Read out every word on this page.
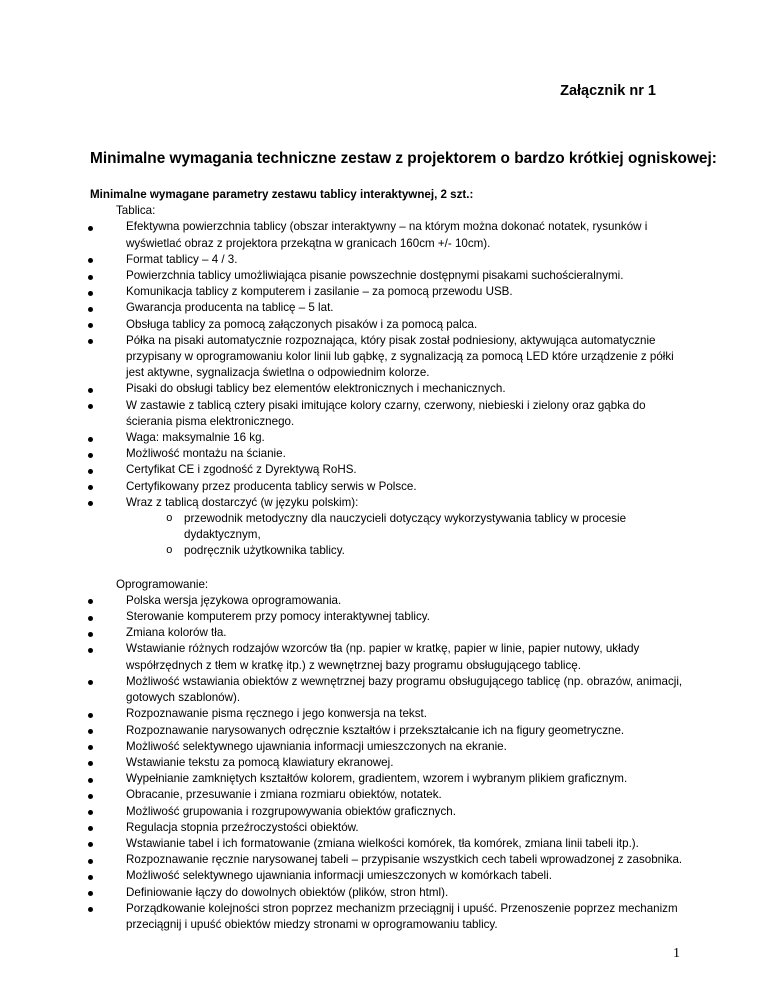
Załącznik nr 1
Minimalne wymagania techniczne zestaw z projektorem o bardzo krótkiej ogniskowej:

Minimalne wymagane parametry zestawu tablicy interaktywnej, 2 szt.:

Tablica:

Efektywna powierzchnia tablicy (obszar interaktywny – na którym można dokonać notatek, rysunków i wyświetlać obraz z projektora przekątna w granicach 160cm +/- 10cm).
Format tablicy – 4 / 3.
Powierzchnia tablicy umożliwiająca pisanie powszechnie dostępnymi pisakami suchościeralnymi.
Komunikacja tablicy z komputerem i zasilanie – za pomocą przewodu USB.
Gwarancja producenta na tablicę – 5 lat.
Obsługa tablicy za pomocą załączonych pisaków i za pomocą palca.
Półka na pisaki automatycznie rozpoznająca, który pisak został podniesiony, aktywująca automatycznie przypisany w oprogramowaniu kolor linii lub gąbkę, z sygnalizacją za pomocą LED które urządzenie z półki jest aktywne, sygnalizacja świetlna o odpowiednim kolorze.
Pisaki do obsługi tablicy bez elementów elektronicznych i mechanicznych.
W zastawie z tablicą cztery pisaki imitujące kolory czarny, czerwony, niebieski i zielony oraz gąbka do ścierania pisma elektronicznego.
Waga: maksymalnie 16 kg.
Możliwość montażu na ścianie.
Certyfikat CE i zgodność z Dyrektywą RoHS.
Certyfikowany przez producenta tablicy serwis w Polsce.
Wraz z tablicą dostarczyć (w języku polskim):
o przewodnik metodyczny dla nauczycieli dotyczący wykorzystywania tablicy w procesie dydaktycznym,
o podręcznik użytkownika tablicy.

Oprogramowanie:

Polska wersja językowa oprogramowania.
Sterowanie komputerem przy pomocy interaktywnej tablicy.
Zmiana kolorów tła.
Wstawianie różnych rodzajów wzorców tła (np. papier w kratkę, papier w linie, papier nutowy, układy współrzędnych z tłem w kratkę itp.) z wewnętrznej bazy programu obsługującego tablicę.
Możliwość wstawiania obiektów z wewnętrznej bazy programu obsługującego tablicę (np. obrazów, animacji, gotowych szablonów).
Rozpoznawanie pisma ręcznego i jego konwersja na tekst.
Rozpoznawanie narysowanych odręcznie kształtów i przekształcanie ich na figury geometryczne.
Możliwość selektywnego ujawniania informacji umieszczonych na ekranie.
Wstawianie tekstu za pomocą klawiatury ekranowej.
Wypełnianie zamkniętych kształtów kolorem, gradientem, wzorem i wybranym plikiem graficznym.
Obracanie, przesuwanie i zmiana rozmiaru obiektów, notatek.
Możliwość grupowania i rozgrupowywania obiektów graficznych.
Regulacja stopnia przeźroczystości obiektów.
Wstawianie tabel i ich formatowanie (zmiana wielkości komórek, tła komórek, zmiana linii tabeli itp.).
Rozpoznawanie ręcznie narysowanej tabeli – przypisanie wszystkich cech tabeli wprowadzonej z zasobnika.
Możliwość selektywnego ujawniania informacji umieszczonych w komórkach tabeli.
Definiowanie łączy do dowolnych obiektów (plików, stron html).
Porządkowanie kolejności stron poprzez mechanizm przeciągnij i upuść. Przenoszenie poprzez mechanizm przeciągnij i upuść obiektów miedzy stronami w oprogramowaniu tablicy.
1
